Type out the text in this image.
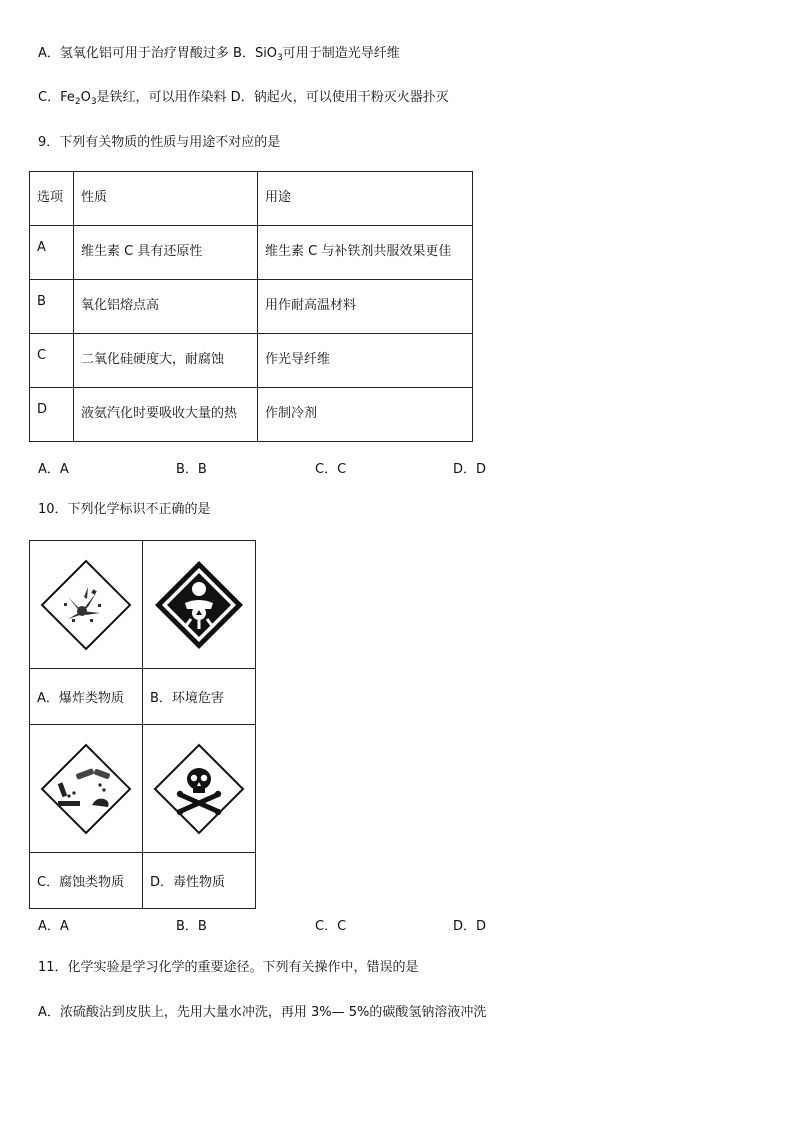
A．氢氧化铝可用于治疗胃酸过多 B．SiO$_3$可用于制造光导纤维
C．$Fe_2O_3$是铁红，可以用作染料 D．钠起火，可以使用干粉灭火器扑灭
9．下列有关物质的性质与用途不对应的是
选项	性质	用途
A	维生素 C 具有还原性	维生素 C 与补铁剂共服效果更佳
B	氧化铝熔点高	用作耐高温材料
C	二氧化硅硬度大，耐腐蚀	作光导纤维
D	液氨汽化时要吸收大量的热	作制冷剂
A．A	B．B	C．C	D．D
10．下列化学标识不正确的是

A．爆炸类物质	B．环境危害

C．腐蚀类物质	D．毒性物质
A．A	B．B	C．C	D．D
11．化学实验是学习化学的重要途径。下列有关操作中，错误的是
A．浓硫酸沾到皮肤上，先用大量水冲洗，再用 3%— 5%的碳酸氢钠溶液冲洗
